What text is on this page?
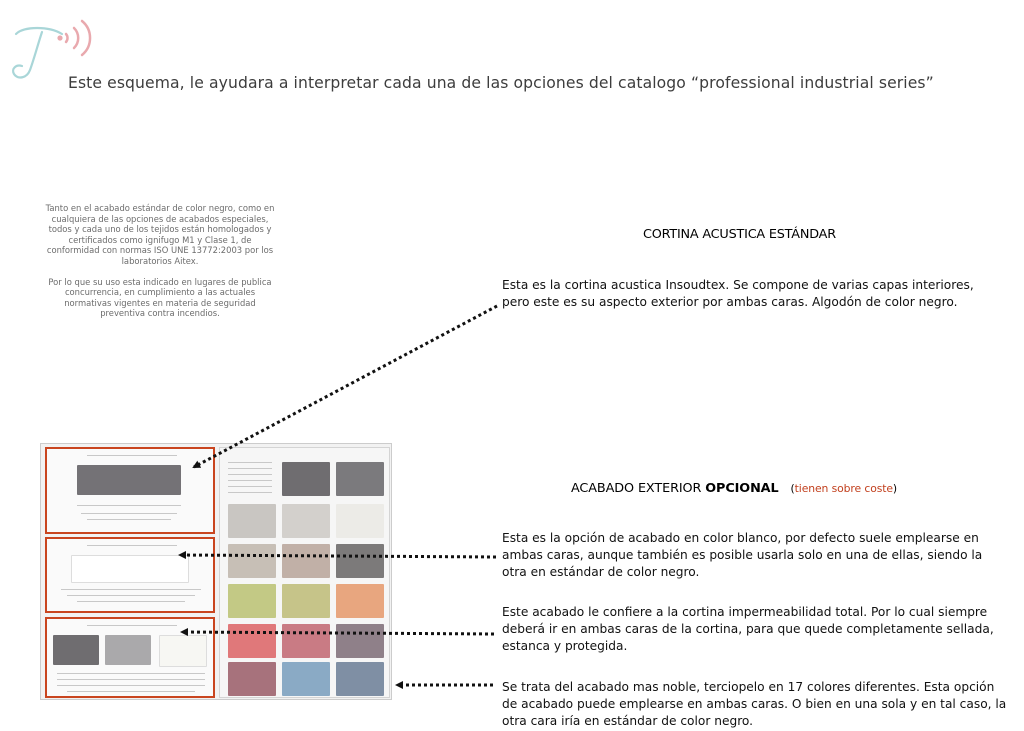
Este esquema, le ayudara a interpretar cada una de las opciones del catalogo “professional industrial series”

Tanto en el acabado estándar de color negro, como en cualquiera de las opciones de acabados especiales, todos y cada uno de los tejidos están homologados y certificados como ignifugo M1 y Clase 1, de conformidad con normas ISO UNE 13772:2003 por los laboratorios Aitex.

Por lo que su uso esta indicado en lugares de publica concurrencia, en cumplimiento a las actuales normativas vigentes en materia de seguridad preventiva contra incendios.

CORTINA ACUSTICA ESTÁNDAR
Esta es la cortina acustica Insoudtex. Se compone de varias capas interiores, pero este es su aspecto exterior por ambas caras. Algodón de color negro.
ACABADO EXTERIOR OPCIONAL (tienen sobre coste)
Esta es la opción de acabado en color blanco, por defecto suele emplearse en ambas caras, aunque también es posible usarla solo en una de ellas, siendo la otra en estándar de color negro.
Este acabado le confiere a la cortina impermeabilidad total. Por lo cual siempre deberá ir en ambas caras de la cortina, para que quede completamente sellada, estanca y protegida.
Se trata del acabado mas noble, terciopelo en 17 colores diferentes. Esta opción de acabado puede emplearse en ambas caras. O bien en una sola y en tal caso, la otra cara iría en estándar de color negro.
